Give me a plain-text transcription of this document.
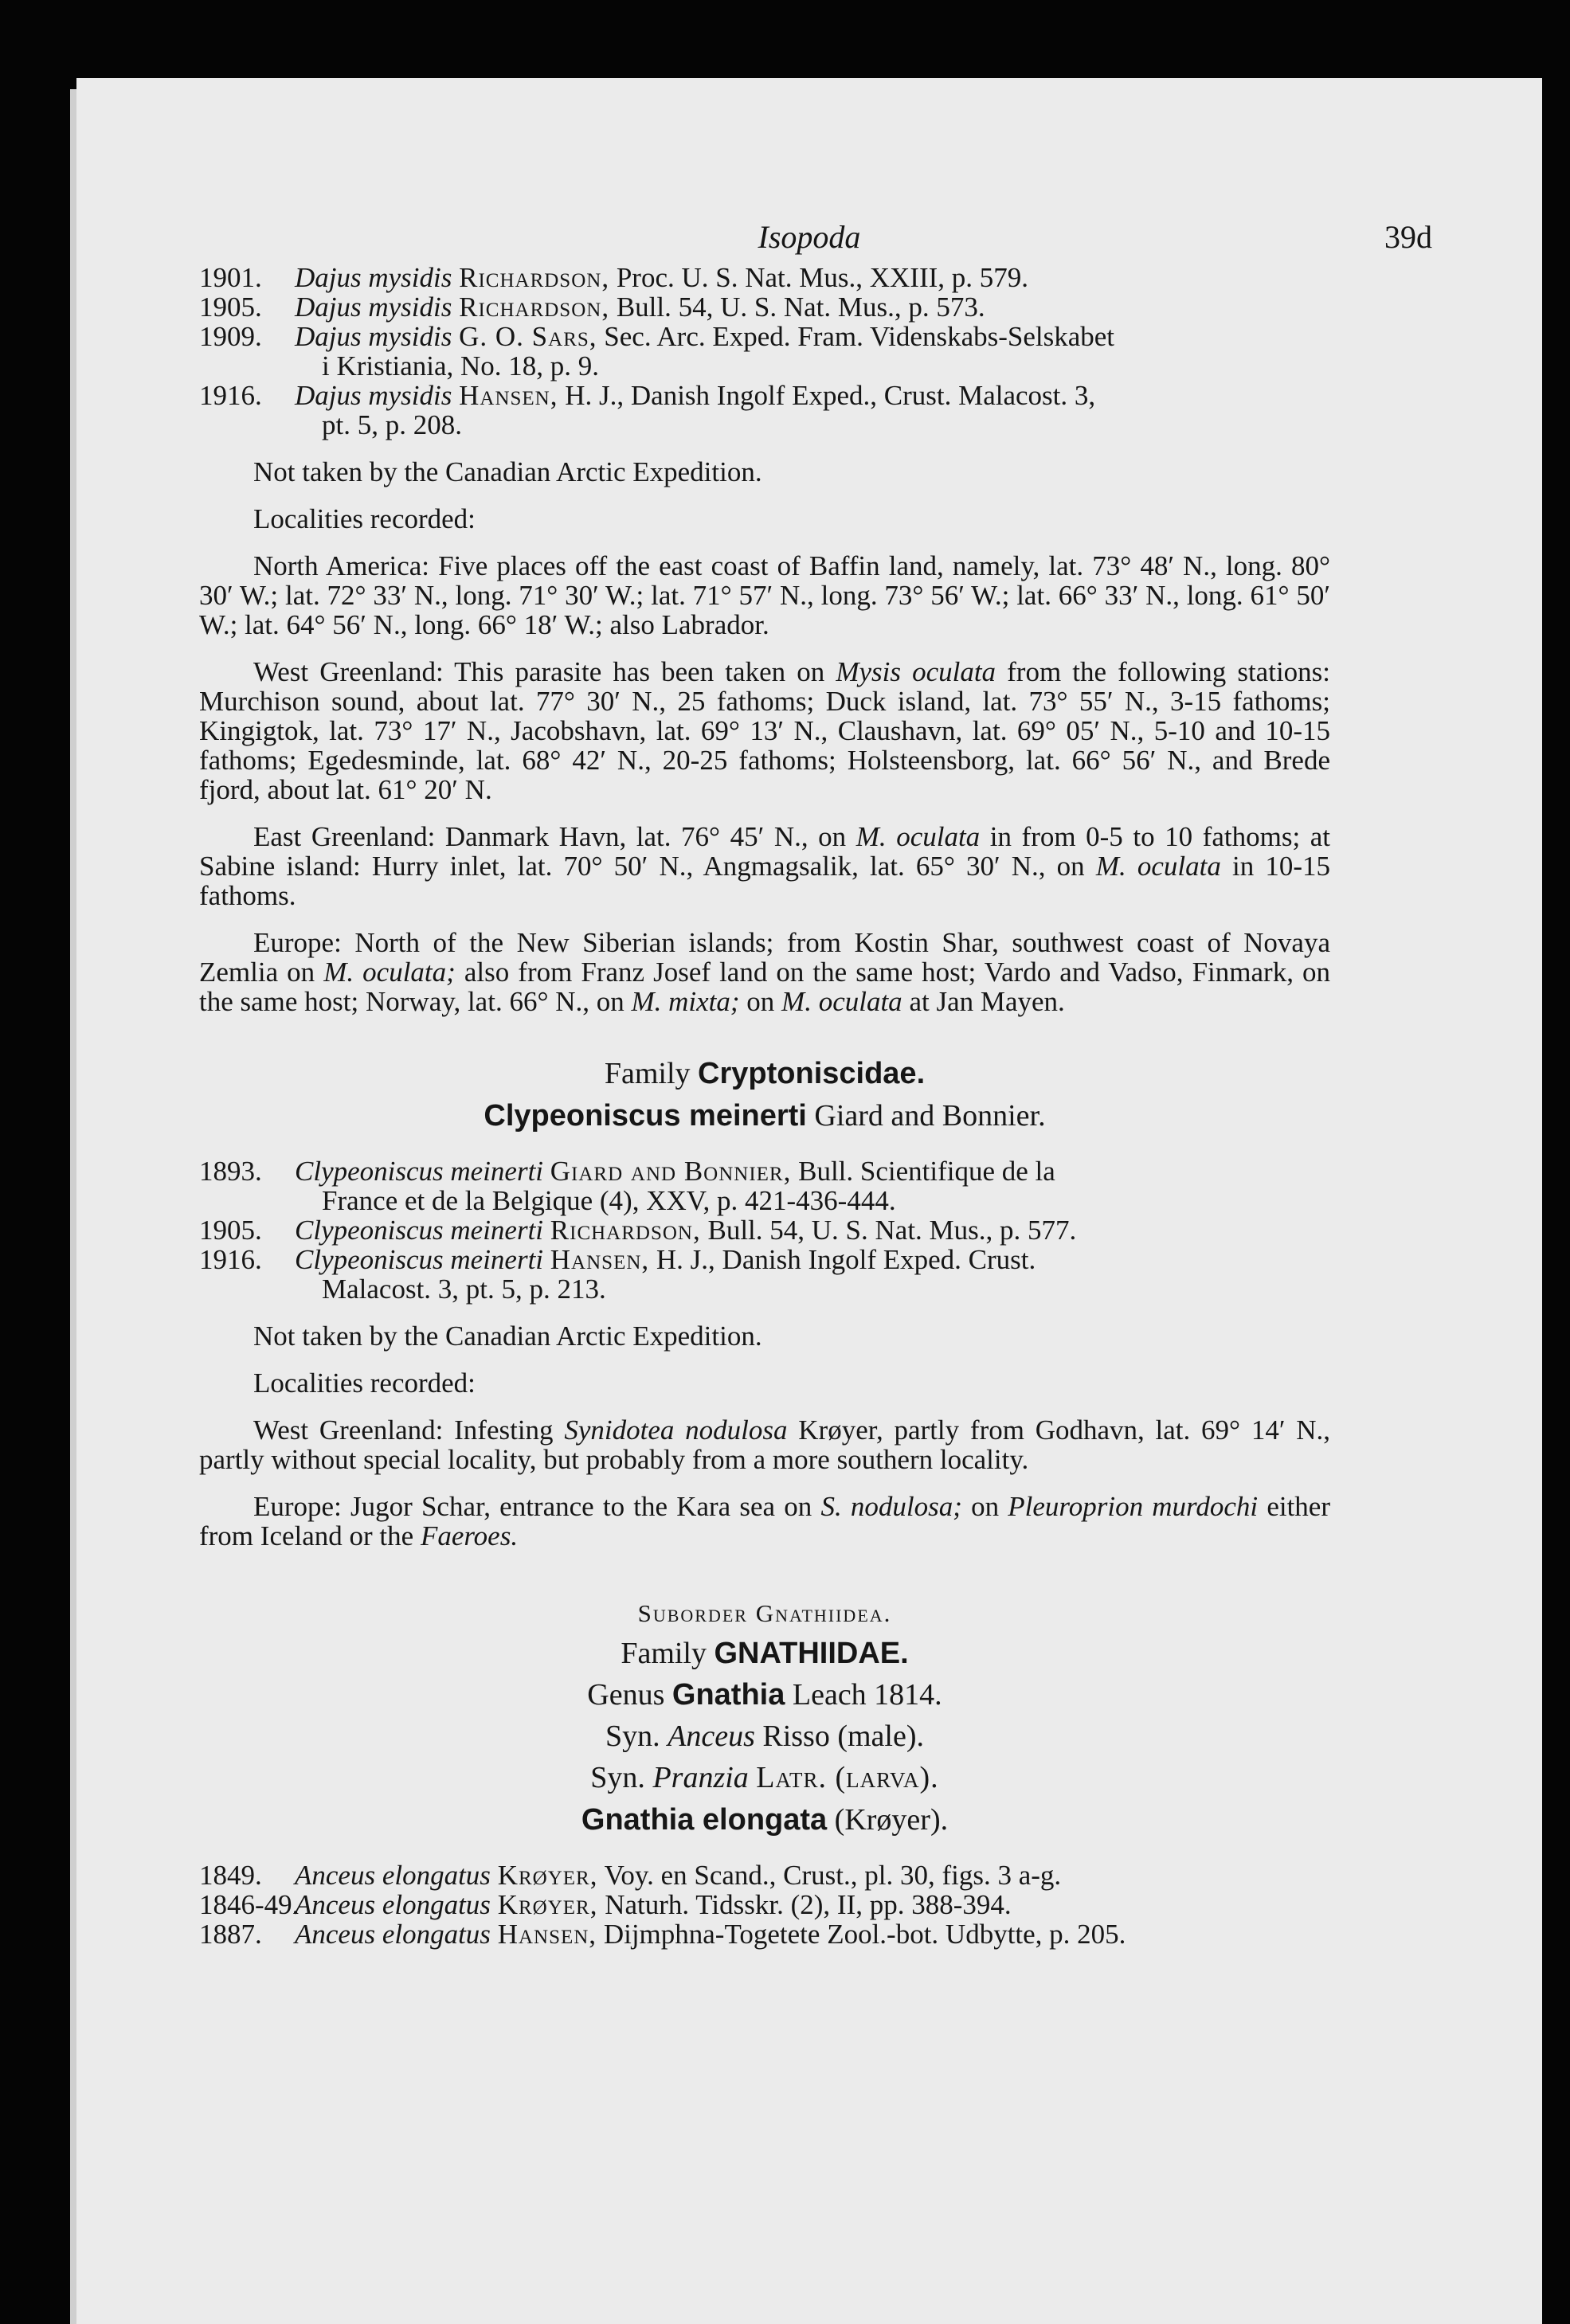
Isopoda	39d

1901. Dajus mysidis Richardson, Proc. U. S. Nat. Mus., XXIII, p. 579.

1905. Dajus mysidis Richardson, Bull. 54, U. S. Nat. Mus., p. 573.

1909. Dajus mysidis G. O. Sars, Sec. Arc. Exped. Fram. Videnskabs-Selskabet
i Kristiania, No. 18, p. 9.

1916. Dajus mysidis Hansen, H. J., Danish Ingolf Exped., Crust. Malacost. 3,
pt. 5, p. 208.

Not taken by the Canadian Arctic Expedition.

Localities recorded:

North America: Five places off the east coast of Baffin land, namely, lat. 73° 48′ N., long. 80° 30′ W.; lat. 72° 33′ N., long. 71° 30′ W.; lat. 71° 57′ N., long. 73° 56′ W.; lat. 66° 33′ N., long. 61° 50′ W.; lat. 64° 56′ N., long. 66° 18′ W.; also Labrador.

West Greenland: This parasite has been taken on Mysis oculata from the following stations: Murchison sound, about lat. 77° 30′ N., 25 fathoms; Duck island, lat. 73° 55′ N., 3-15 fathoms; Kingigtok, lat. 73° 17′ N., Jacobshavn, lat. 69° 13′ N., Claushavn, lat. 69° 05′ N., 5-10 and 10-15 fathoms; Egedesminde, lat. 68° 42′ N., 20-25 fathoms; Holsteensborg, lat. 66° 56′ N., and Brede fjord, about lat. 61° 20′ N.

East Greenland: Danmark Havn, lat. 76° 45′ N., on M. oculata in from 0-5 to 10 fathoms; at Sabine island: Hurry inlet, lat. 70° 50′ N., Angmagsalik, lat. 65° 30′ N., on M. oculata in 10-15 fathoms.

Europe: North of the New Siberian islands; from Kostin Shar, southwest coast of Novaya Zemlia on M. oculata; also from Franz Josef land on the same host; Vardo and Vadso, Finmark, on the same host; Norway, lat. 66° N., on M. mixta; on M. oculata at Jan Mayen.

Family Cryptoniscidae.

Clypeoniscus meinerti Giard and Bonnier.

1893. Clypeoniscus meinerti Giard and Bonnier, Bull. Scientifique de la
France et de la Belgique (4), XXV, p. 421-436-444.

1905. Clypeoniscus meinerti Richardson, Bull. 54, U. S. Nat. Mus., p. 577.

1916. Clypeoniscus meinerti Hansen, H. J., Danish Ingolf Exped. Crust.
Malacost. 3, pt. 5, p. 213.

Not taken by the Canadian Arctic Expedition.

Localities recorded:

West Greenland: Infesting Synidotea nodulosa Krøyer, partly from Godhavn, lat. 69° 14′ N., partly without special locality, but probably from a more southern locality.

Europe: Jugor Schar, entrance to the Kara sea on S. nodulosa; on Pleuroprion murdochi either from Iceland or the Faeroes.

Suborder Gnathiidea.

Family GNATHIIDAE.

Genus Gnathia Leach 1814.

Syn. Anceus Risso (male).

Syn. Pranzia Latr. (larva).

Gnathia elongata (Krøyer).

1849. Anceus elongatus Krøyer, Voy. en Scand., Crust., pl. 30, figs. 3 a-g.

1846-49.
Anceus elongatus Krøyer, Naturh. Tidsskr. (2), II, pp. 388-394.

1887. Anceus elongatus Hansen, Dijmphna-Togetete Zool.-bot. Udbytte, p. 205.
